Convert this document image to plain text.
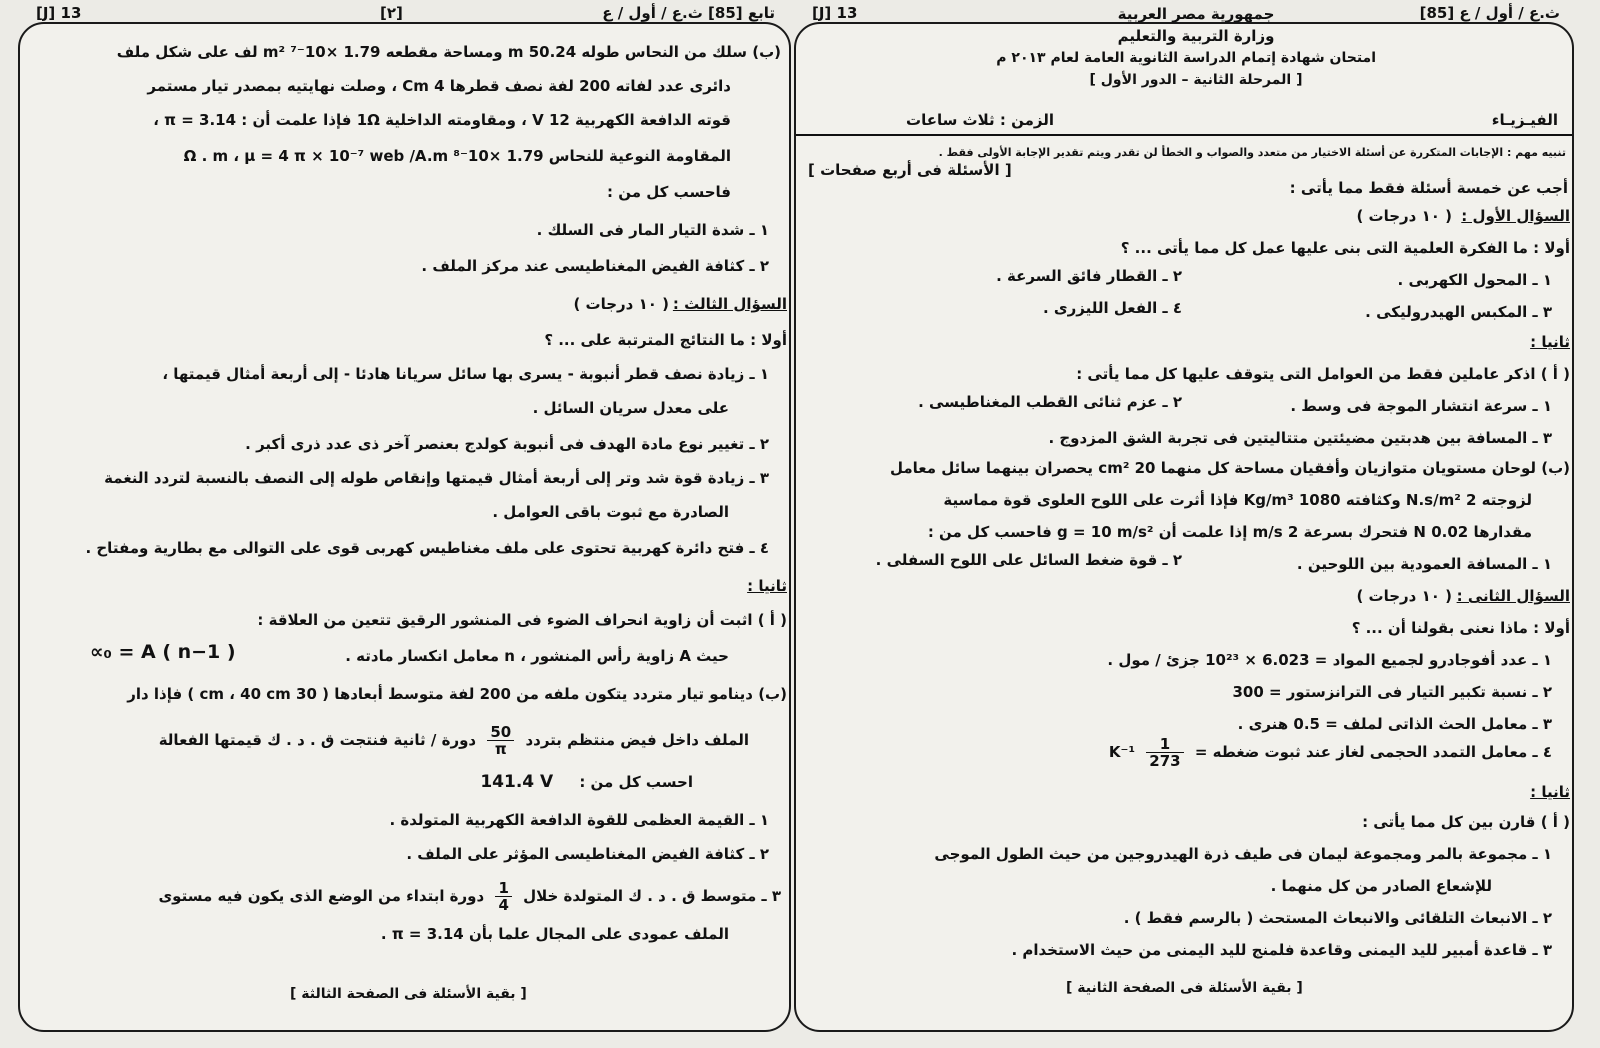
تابع [85] ث.ع / أول / ع
[٢]
[J] 13
(ب) سلك من النحاس طوله 50.24 m ومساحة مقطعه 1.79 ×10⁻⁷ m² لف على شكل ملف
دائرى عدد لفاته 200 لفة نصف قطرها 4 Cm ، وصلت نهايتيه بمصدر تيار مستمر
قوته الدافعة الكهربية 12 V ، ومقاومته الداخلية 1Ω فإذا علمت أن : π = 3.14 ،
المقاومة النوعية للنحاس 1.79 ×10⁻⁸ Ω . m ، μ = 4 π × 10⁻⁷ web /A.m
فاحسب كل من :
١ ـ شدة التيار المار فى السلك .
٢ ـ كثافة الفيض المغناطيسى عند مركز الملف .
السؤال الثالث :
( ١٠ درجات )
أولا : ما النتائج المترتبة على ... ؟
١ ـ زيادة نصف قطر أنبوبة - يسرى بها سائل سريانا هادئا - إلى أربعة أمثال قيمتها ،
على معدل سريان السائل .
٢ ـ تغيير نوع مادة الهدف فى أنبوبة كولدج بعنصر آخر ذى عدد ذرى أكبر .
٣ ـ زيادة قوة شد وتر إلى أربعة أمثال قيمتها وإنقاص طوله إلى النصف بالنسبة لتردد النغمة
الصادرة مع ثبوت باقى العوامل .
٤ ـ فتح دائرة كهربية تحتوى على ملف مغناطيس كهربى قوى على التوالى مع بطارية ومفتاح .
ثانيا :
( أ ) اثبت أن زاوية انحراف الضوء فى المنشور الرقيق تتعين من العلاقة :
حيث A زاوية رأس المنشور ، n معامل انكسار مادته .
∝₀ = A ( n−1 )
(ب) دينامو تيار متردد يتكون ملفه من 200 لفة متوسط أبعادها ( 30 cm ، 40 cm ) فإذا دار
الملف داخل فيض منتظم بتردد
$\frac{50}{\pi}$
دورة / ثانية فنتجت ق . د . ك قيمتها الفعالة
احسب كل من :     141.4 V
١ ـ القيمة العظمى للقوة الدافعة الكهربية المتولدة .
٢ ـ كثافة الفيض المغناطيسى المؤثر على الملف .
٣ ـ متوسط ق . د . ك المتولدة خلال
$\frac{1}{4}$
دورة ابتداء من الوضع الذى يكون فيه مستوى
الملف عمودى على المجال علما بأن π = 3.14 .
[ بقية الأسئلة فى الصفحة الثالثة ]
[85] ث.ع / أول / ع
[J] 13	جمهورية مصر العربية
وزارة التربية والتعليم
امتحان شهادة إتمام الدراسة الثانوية العامة لعام ٢٠١٣ م
[ المرحلة الثانية – الدور الأول ]
الفيـزيـاء
الزمن : ثلاث ساعات
تنبيه مهم : الإجابات المتكررة عن أسئلة الاختيار من متعدد والصواب و الخطأ لن تقدر ويتم تقدير الإجابة الأولى فقط .
[ الأسئلة فى أربع صفحات ]
أجب عن خمسة أسئلة فقط مما يأتى :
السؤال الأول :
( ١٠ درجات )
أولا : ما الفكرة العلمية التى بنى عليها عمل كل مما يأتى ... ؟
١ ـ المحول الكهربى .
٢ ـ القطار فائق السرعة .
٣ ـ المكبس الهيدروليكى .
٤ ـ الفعل الليزرى .
ثانيا :
( أ ) اذكر عاملين فقط من العوامل التى يتوقف عليها كل مما يأتى :
١ ـ سرعة انتشار الموجة فى وسط .
٢ ـ عزم ثنائى القطب المغناطيسى .
٣ ـ المسافة بين هدبتين مضيئتين متتاليتين فى تجربة الشق المزدوج .
(ب) لوحان مستويان متوازيان وأفقيان مساحة كل منهما 20 cm² يحصران بينهما سائل معامل
لزوجته 2 N.s/m² وكثافته 1080 Kg/m³ فإذا أثرت على اللوح العلوى قوة مماسية
مقدارها 0.02 N فتحرك بسرعة 2 m/s إذا علمت أن g = 10 m/s² فاحسب كل من :
١ ـ المسافة العمودية بين اللوحين .
٢ ـ قوة ضغط السائل على اللوح السفلى .
السؤال الثانى :
( ١٠ درجات )
أولا : ماذا نعنى بقولنا أن ... ؟
١ ـ عدد أفوجادرو لجميع المواد = 6.023 × 10²³ جزئ / مول .
٢ ـ نسبة تكبير التيار فى الترانزستور = 300
٣ ـ معامل الحث الذاتى لملف = 0.5 هنرى .
٤ ـ معامل التمدد الحجمى لغاز عند ثبوت ضغطه =
$\frac{1}{273}$
K⁻¹
ثانيا :
( أ ) قارن بين كل مما يأتى :
١ ـ مجموعة بالمر ومجموعة ليمان فى طيف ذرة الهيدروجين من حيث الطول الموجى
للإشعاع الصادر من كل منهما .
٢ ـ الانبعاث التلقائى والانبعاث المستحث ( بالرسم فقط ) .
٣ ـ قاعدة أمبير لليد اليمنى وقاعدة فلمنج لليد اليمنى من حيث الاستخدام .
[ بقية الأسئلة فى الصفحة الثانية ]
